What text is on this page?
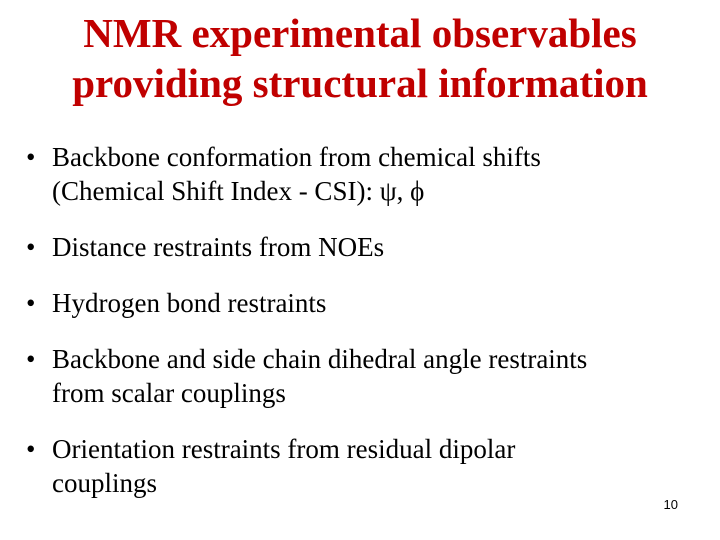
NMR experimental observables
providing structural information
• Backbone conformation from chemical shifts
(Chemical Shift Index - CSI): ψ, ϕ
• Distance restraints from NOEs
• Hydrogen bond restraints
• Backbone and side chain dihedral angle restraints
from scalar couplings
• Orientation restraints from residual dipolar
couplings
10
